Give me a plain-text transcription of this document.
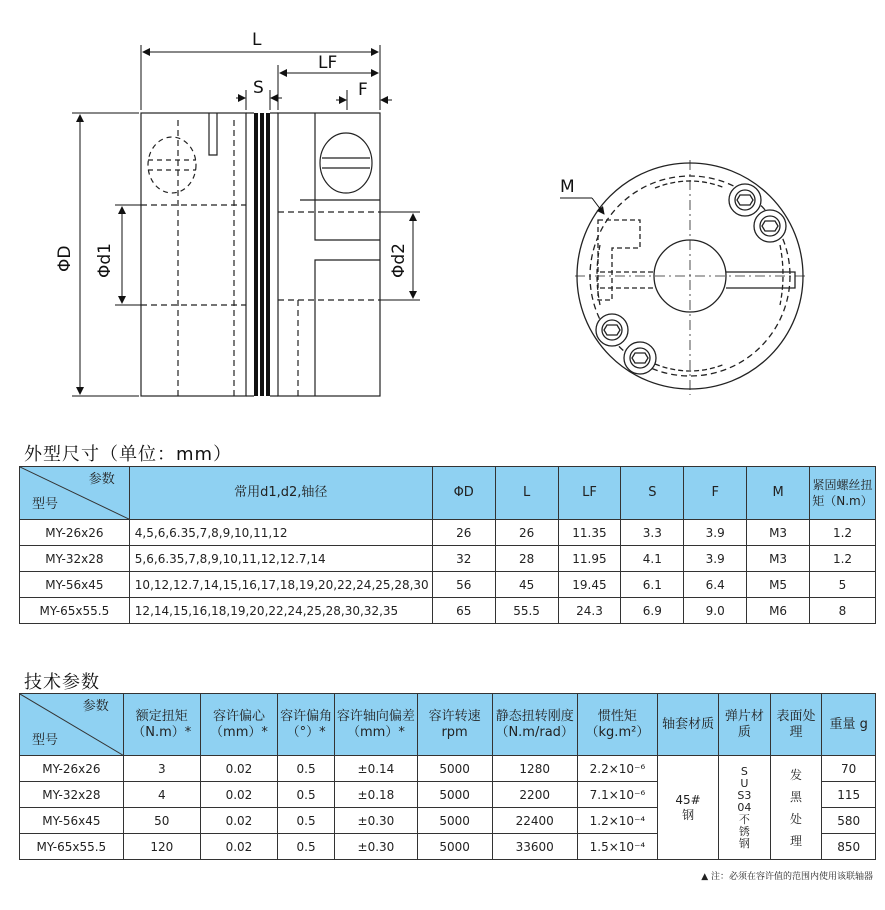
L
LF
S	F
ΦD Φd1	Φd2
M
外型尺寸（单位：mm）
参数
型号	常用d1,d2,轴径	ΦD	L	LF	S	F	M	紧固螺丝扭矩（N.m）
MY-26x26	4,5,6,6.35,7,8,9,10,11,12	26	26	11.35	3.3	3.9	M3	1.2
MY-32x28	5,6,6.35,7,8,9,10,11,12,12.7,14	32	28	11.95	4.1	3.9	M3	1.2
MY-56x45	10,12,12.7,14,15,16,17,18,19,20,22,24,25,28,30	56	45	19.45	6.1	6.4	M5	5
MY-65x55.5	12,14,15,16,18,19,20,22,24,25,28,30,32,35	65	55.5	24.3	6.9	9.0	M6	8
技术参数
参数
型号	额定扭矩（N.m）*	容许偏心（mm）*	容许偏角（°）*	容许轴向偏差（mm）*	容许转速 rpm	静态扭转刚度（N.m/rad）	惯性矩（kg.m²）	轴套材质	弹片材质	表面处理	重量 g
MY-26x26	3	0.02	0.5	±0.14	5000	1280	2.2×10⁻⁶	45#钢	SUS304不锈钢	发黑处理	70
MY-32x28	4	0.02	0.5	±0.18	5000	2200	7.1×10⁻⁶				115
MY-56x45	50	0.02	0.5	±0.30	5000	22400	1.2×10⁻⁴				580
MY-65x55.5	120	0.02	0.5	±0.30	5000	33600	1.5×10⁻⁴				850
▲ 注：必须在容许值的范围内使用该联轴器
